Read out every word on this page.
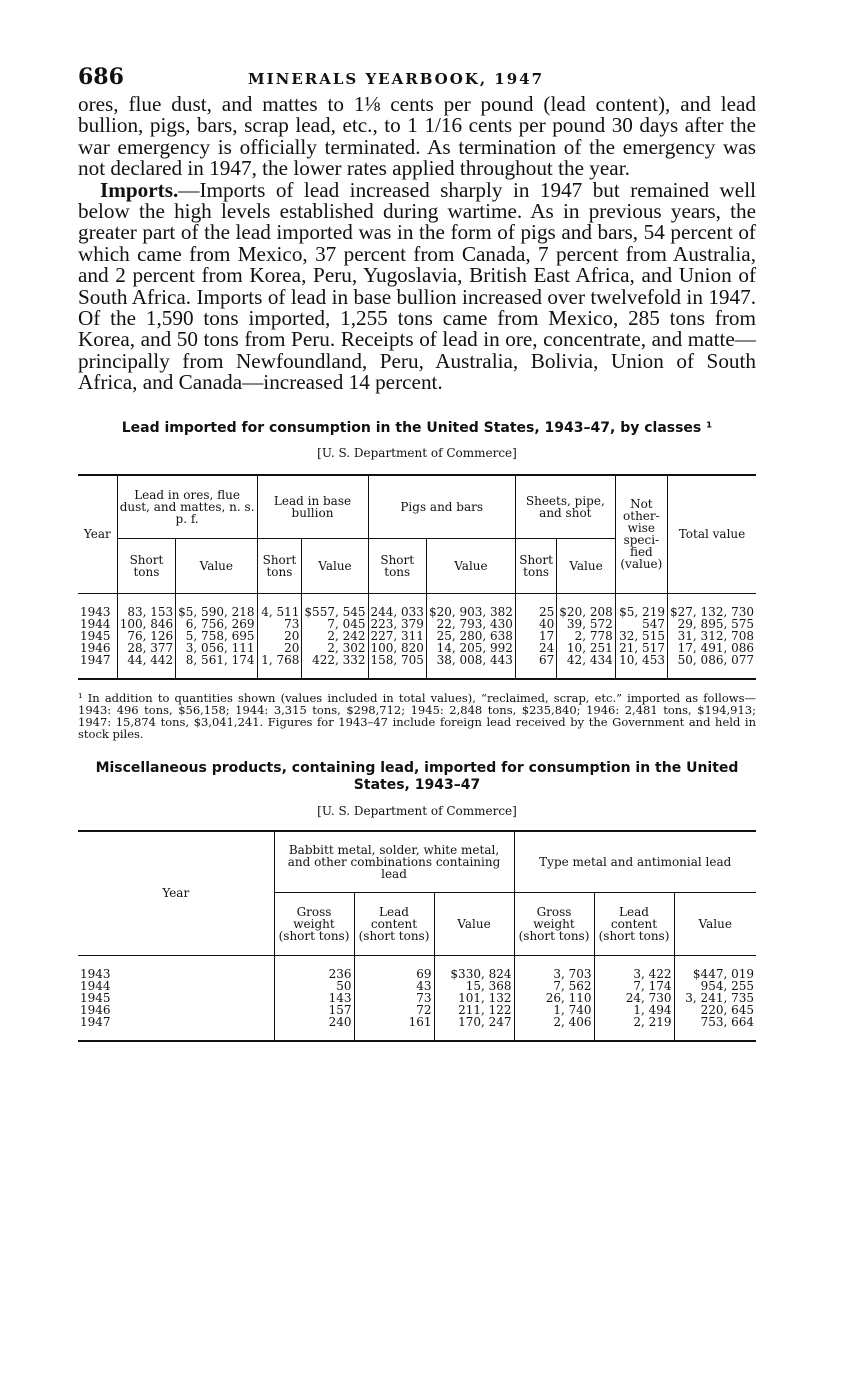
686	MINERALS YEARBOOK, 1947

ores, flue dust, and mattes to 1⅛ cents per pound (lead content), and lead bullion, pigs, bars, scrap lead, etc., to 1 1/16 cents per pound 30 days after the war emergency is officially terminated. As termination of the emergency was not declared in 1947, the lower rates applied throughout the year.

Imports.—Imports of lead increased sharply in 1947 but remained well below the high levels established during wartime. As in previous years, the greater part of the lead imported was in the form of pigs and bars, 54 percent of which came from Mexico, 37 percent from Canada, 7 percent from Australia, and 2 percent from Korea, Peru, Yugoslavia, British East Africa, and Union of South Africa. Imports of lead in base bullion increased over twelvefold in 1947. Of the 1,590 tons imported, 1,255 tons came from Mexico, 285 tons from Korea, and 50 tons from Peru. Receipts of lead in ore, concentrate, and matte—principally from Newfoundland, Peru, Australia, Bolivia, Union of South Africa, and Canada—increased 14 percent.

Lead imported for consumption in the United States, 1943–47, by classes ¹
[U. S. Department of Commerce]
Year	Lead in ores, flue dust, and mattes, n. s. p. f.		Lead in base bullion		Pigs and bars		Sheets, pipe, and shot		Not other-wise speci-fied (value)	Total value
	Short tons	Value	Short tons	Value	Short tons	Value	Short tons	Value		

1943	83, 153	$5, 590, 218	4, 511	$557, 545	244, 033	$20, 903, 382	25	$20, 208	$5, 219	$27, 132, 730
1944	100, 846	6, 756, 269	73	7, 045	223, 379	22, 793, 430	40	39, 572	547	29, 895, 575
1945	76, 126	5, 758, 695	20	2, 242	227, 311	25, 280, 638	17	2, 778	32, 515	31, 312, 708
1946	28, 377	3, 056, 111	20	2, 302	100, 820	14, 205, 992	24	10, 251	21, 517	17, 491, 086
1947	44, 442	8, 561, 174	1, 768	422, 332	158, 705	38, 008, 443	67	42, 434	10, 453	50, 086, 077

¹ In addition to quantities shown (values included in total values), “reclaimed, scrap, etc.” imported as follows—1943: 496 tons, $56,158; 1944: 3,315 tons, $298,712; 1945: 2,848 tons, $235,840; 1946: 2,481 tons, $194,913; 1947: 15,874 tons, $3,041,241. Figures for 1943–47 include foreign lead received by the Government and held in stock piles.
Miscellaneous products, containing lead, imported for consumption in the United States, 1943–47
[U. S. Department of Commerce]
Year	Babbitt metal, solder, white metal, and other combinations containing lead			Type metal and antimonial lead		
	Gross weight (short tons)	Lead content (short tons)	Value	Gross weight (short tons)	Lead content (short tons)	Value

1943	236	69	$330, 824	3, 703	3, 422	$447, 019
1944	50	43	15, 368	7, 562	7, 174	954, 255
1945	143	73	101, 132	26, 110	24, 730	3, 241, 735
1946	157	72	211, 122	1, 740	1, 494	220, 645
1947	240	161	170, 247	2, 406	2, 219	753, 664
